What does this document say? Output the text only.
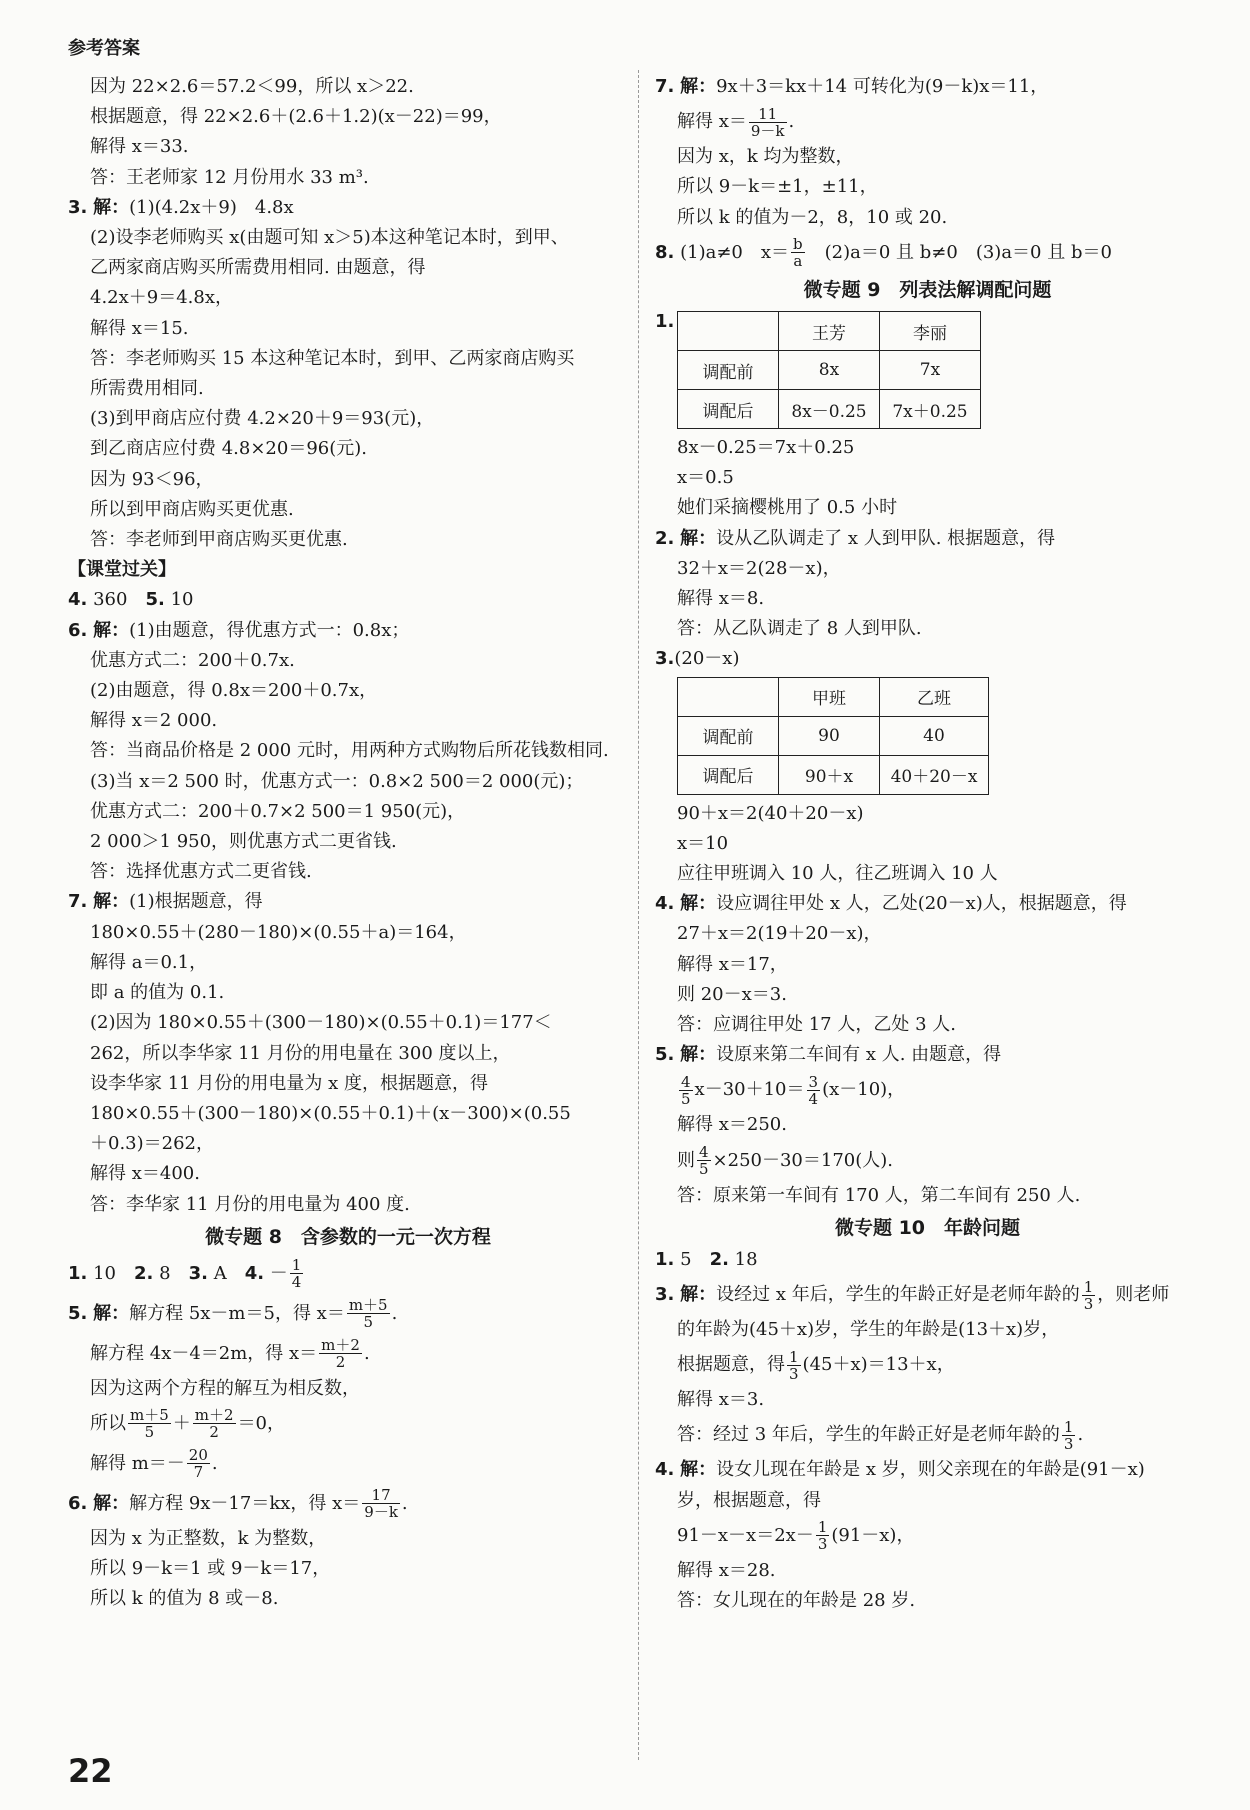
参考答案
因为 22×2.6＝57.2＜99，所以 x＞22.
根据题意，得 22×2.6＋(2.6＋1.2)(x－22)＝99，
解得 x＝33.
答：王老师家 12 月份用水 33 m³.
3. 解：(1)(4.2x＋9)　4.8x
(2)设李老师购买 x(由题可知 x＞5)本这种笔记本时，到甲、
乙两家商店购买所需费用相同. 由题意，得
4.2x＋9＝4.8x，
解得 x＝15.
答：李老师购买 15 本这种笔记本时，到甲、乙两家商店购买
所需费用相同.
(3)到甲商店应付费 4.2×20＋9＝93(元)，
到乙商店应付费 4.8×20＝96(元).
因为 93＜96，
所以到甲商店购买更优惠.
答：李老师到甲商店购买更优惠.
【课堂过关】
4. 360　 5. 10
6. 解：(1)由题意，得优惠方式一：0.8x；
优惠方式二：200＋0.7x.
(2)由题意，得 0.8x＝200＋0.7x，
解得 x＝2 000.
答：当商品价格是 2 000 元时，用两种方式购物后所花钱数相同.
(3)当 x＝2 500 时，优惠方式一：0.8×2 500＝2 000(元)；
优惠方式二：200＋0.7×2 500＝1 950(元)，
2 000＞1 950，则优惠方式二更省钱.
答：选择优惠方式二更省钱.
7. 解：(1)根据题意，得
180×0.55＋(280－180)×(0.55＋a)＝164，
解得 a＝0.1，
即 a 的值为 0.1.
(2)因为 180×0.55＋(300－180)×(0.55＋0.1)＝177＜
262，所以李华家 11 月份的用电量在 300 度以上，
设李华家 11 月份的用电量为 x 度，根据题意，得
180×0.55＋(300－180)×(0.55＋0.1)＋(x－300)×(0.55
＋0.3)＝262，
解得 x＝400.
答：李华家 11 月份的用电量为 400 度.
微专题 8　含参数的一元一次方程
1. 10　 2. 8　 3. A　 4. － $\frac{1}{4}$
5. 解：解方程 5x－m＝5，得 $x= \frac{m+5}{5}$ .
解方程 4x－4＝2m，得 $x= \frac{m+2}{2}$ .
因为这两个方程的解互为相反数，
所以 $\frac{m+5}{5} + \frac{m+2}{2} =0$，
解得 $m=- \frac{20}{7}$ .
6. 解：解方程 9x－17＝kx，得 $x= \frac{17}{9-k}$ .
因为 x 为正整数，k 为整数，
所以 9－k＝1 或 9－k＝17，
所以 k 的值为 8 或－8.
7. 解：9x＋3＝kx＋14 可转化为(9－k)x＝11，
解得 $x= \frac{11}{9-k}$ .
因为 x，k 均为整数，
所以 9－k＝±1，±11，
所以 k 的值为－2，8，10 或 20.
8. (1)a≠0　$x= \frac{b}{a}$ 　(2)a＝0 且 b≠0　(3)a＝0 且 b＝0
微专题 9　列表法解调配问题
1.
	王芳	李丽
调配前	8x	7x
调配后	8x－0.25	7x＋0.25
8x－0.25＝7x＋0.25
x＝0.5
她们采摘樱桃用了 0.5 小时
2. 解：设从乙队调走了 x 人到甲队. 根据题意，得
32＋x＝2(28－x)，
解得 x＝8.
答：从乙队调走了 8 人到甲队.
3.(20－x)
	甲班	乙班
调配前	90	40
调配后	90＋x	40＋20－x
90＋x＝2(40＋20－x)
x＝10
应往甲班调入 10 人，往乙班调入 10 人
4. 解：设应调往甲处 x 人，乙处(20－x)人，根据题意，得
27＋x＝2(19＋20－x)，
解得 x＝17，
则 20－x＝3.
答：应调往甲处 17 人，乙处 3 人.
5. 解：设原来第二车间有 x 人. 由题意，得
$\frac{4}{5} x-30+10= \frac{3}{4} (x-10)$，
解得 x＝250.
则 $\frac{4}{5} \times 250-30=170$(人).
答：原来第一车间有 170 人，第二车间有 250 人.
微专题 10　年龄问题
1. 5　 2. 18
3. 解：设经过 x 年后，学生的年龄正好是老师年龄的 $\frac{1}{3}$ ，则老师
的年龄为(45＋x)岁，学生的年龄是(13＋x)岁，
根据题意，得 $\frac{1}{3} (45+x)=13+x$，
解得 x＝3.
答：经过 3 年后，学生的年龄正好是老师年龄的 $\frac{1}{3}$ .
4. 解：设女儿现在年龄是 x 岁，则父亲现在的年龄是(91－x)
岁，根据题意，得
$91-x-x=2x- \frac{1}{3} (91-x)$，
解得 x＝28.
答：女儿现在的年龄是 28 岁.
22
